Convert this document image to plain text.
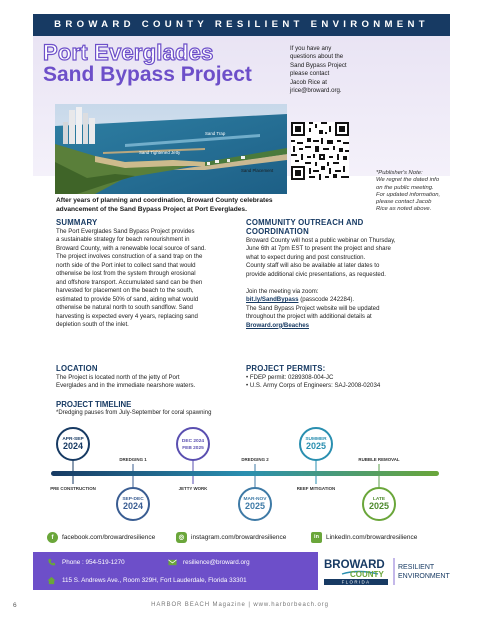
BROWARD COUNTY RESILIENT ENVIRONMENT
Port Everglades
Sand Bypass Project
If you have any
questions about the
Sand Bypass Project
please contact
Jacob Rice at
jrice@broward.org.
*Publisher's Note:
We regret the dated info
on the public meeting.
For updated information,
please contact Jacob
Rice as noted above.
Sand Trap
Sand Tightened Jetty
Sand Placement
After years of planning and coordination, Broward County celebrates
advancement of the Sand Bypass Project at Port Everglades.
SUMMARY
The Port Everglades Sand Bypass Project provides
a sustainable strategy for beach renourishment in
Broward County, with a renewable local source of sand.
The project involves construction of a sand trap on the
north side of the Port inlet to collect sand that would
otherwise be lost from the system through erosional
and offshore transport. Accumulated sand can be then
harvested for placement on the beach to the south,
estimated to provide 50% of sand, aiding what would
otherwise be natural north to south sandflow. Sand
harvesting is expected every 4 years, replacing sand
depletion south of the inlet.
COMMUNITY OUTREACH AND
COORDINATION
Broward County will host a public webinar on Thursday,
June 6th at 7pm EST to present the project and share
what to expect during and post construction.
County staff will also be available at later dates to
provide additional civic presentations, as requested.
Join the meeting via zoom:
bit.ly/SandBypass (passcode 242284).
The Sand Bypass Project website will be updated
throughout the project with additional details at
Broward.org/Beaches
LOCATION
The Project is located north of the jetty of Port
Everglades and in the immediate nearshore waters.
PROJECT PERMITS:
• FDEP permit: 0289308-004-JC
• U.S. Army Corps of Engineers: SAJ-2008-02034
PROJECT TIMELINE
*Dredging pauses from July-September for coral spawning
APR-SEP
2024	DEC 2024
FEB 2025
SUMMER
2025
DREDGING 1	DREDGING 2	RUBBLE REMOVAL
PRE CONSTRUCTION	JETTY WORK	REEF MITIGATION
SEP-DEC
2024
MAR-NOV
2025
LATE
2025
f	facebook.com/browardresilience	◎	instagram.com/browardresilience	in	LinkedIn.com/browardresilience
Phone : 954-519-1270	resilience@broward.org
115 S. Andrews Ave., Room 329H, Fort Lauderdale, Florida 33301
BROWARD
COUNTY
FLORIDA
RESILIENT
ENVIRONMENT
6	HARBOR BEACH Magazine | www.harborbeach.org
